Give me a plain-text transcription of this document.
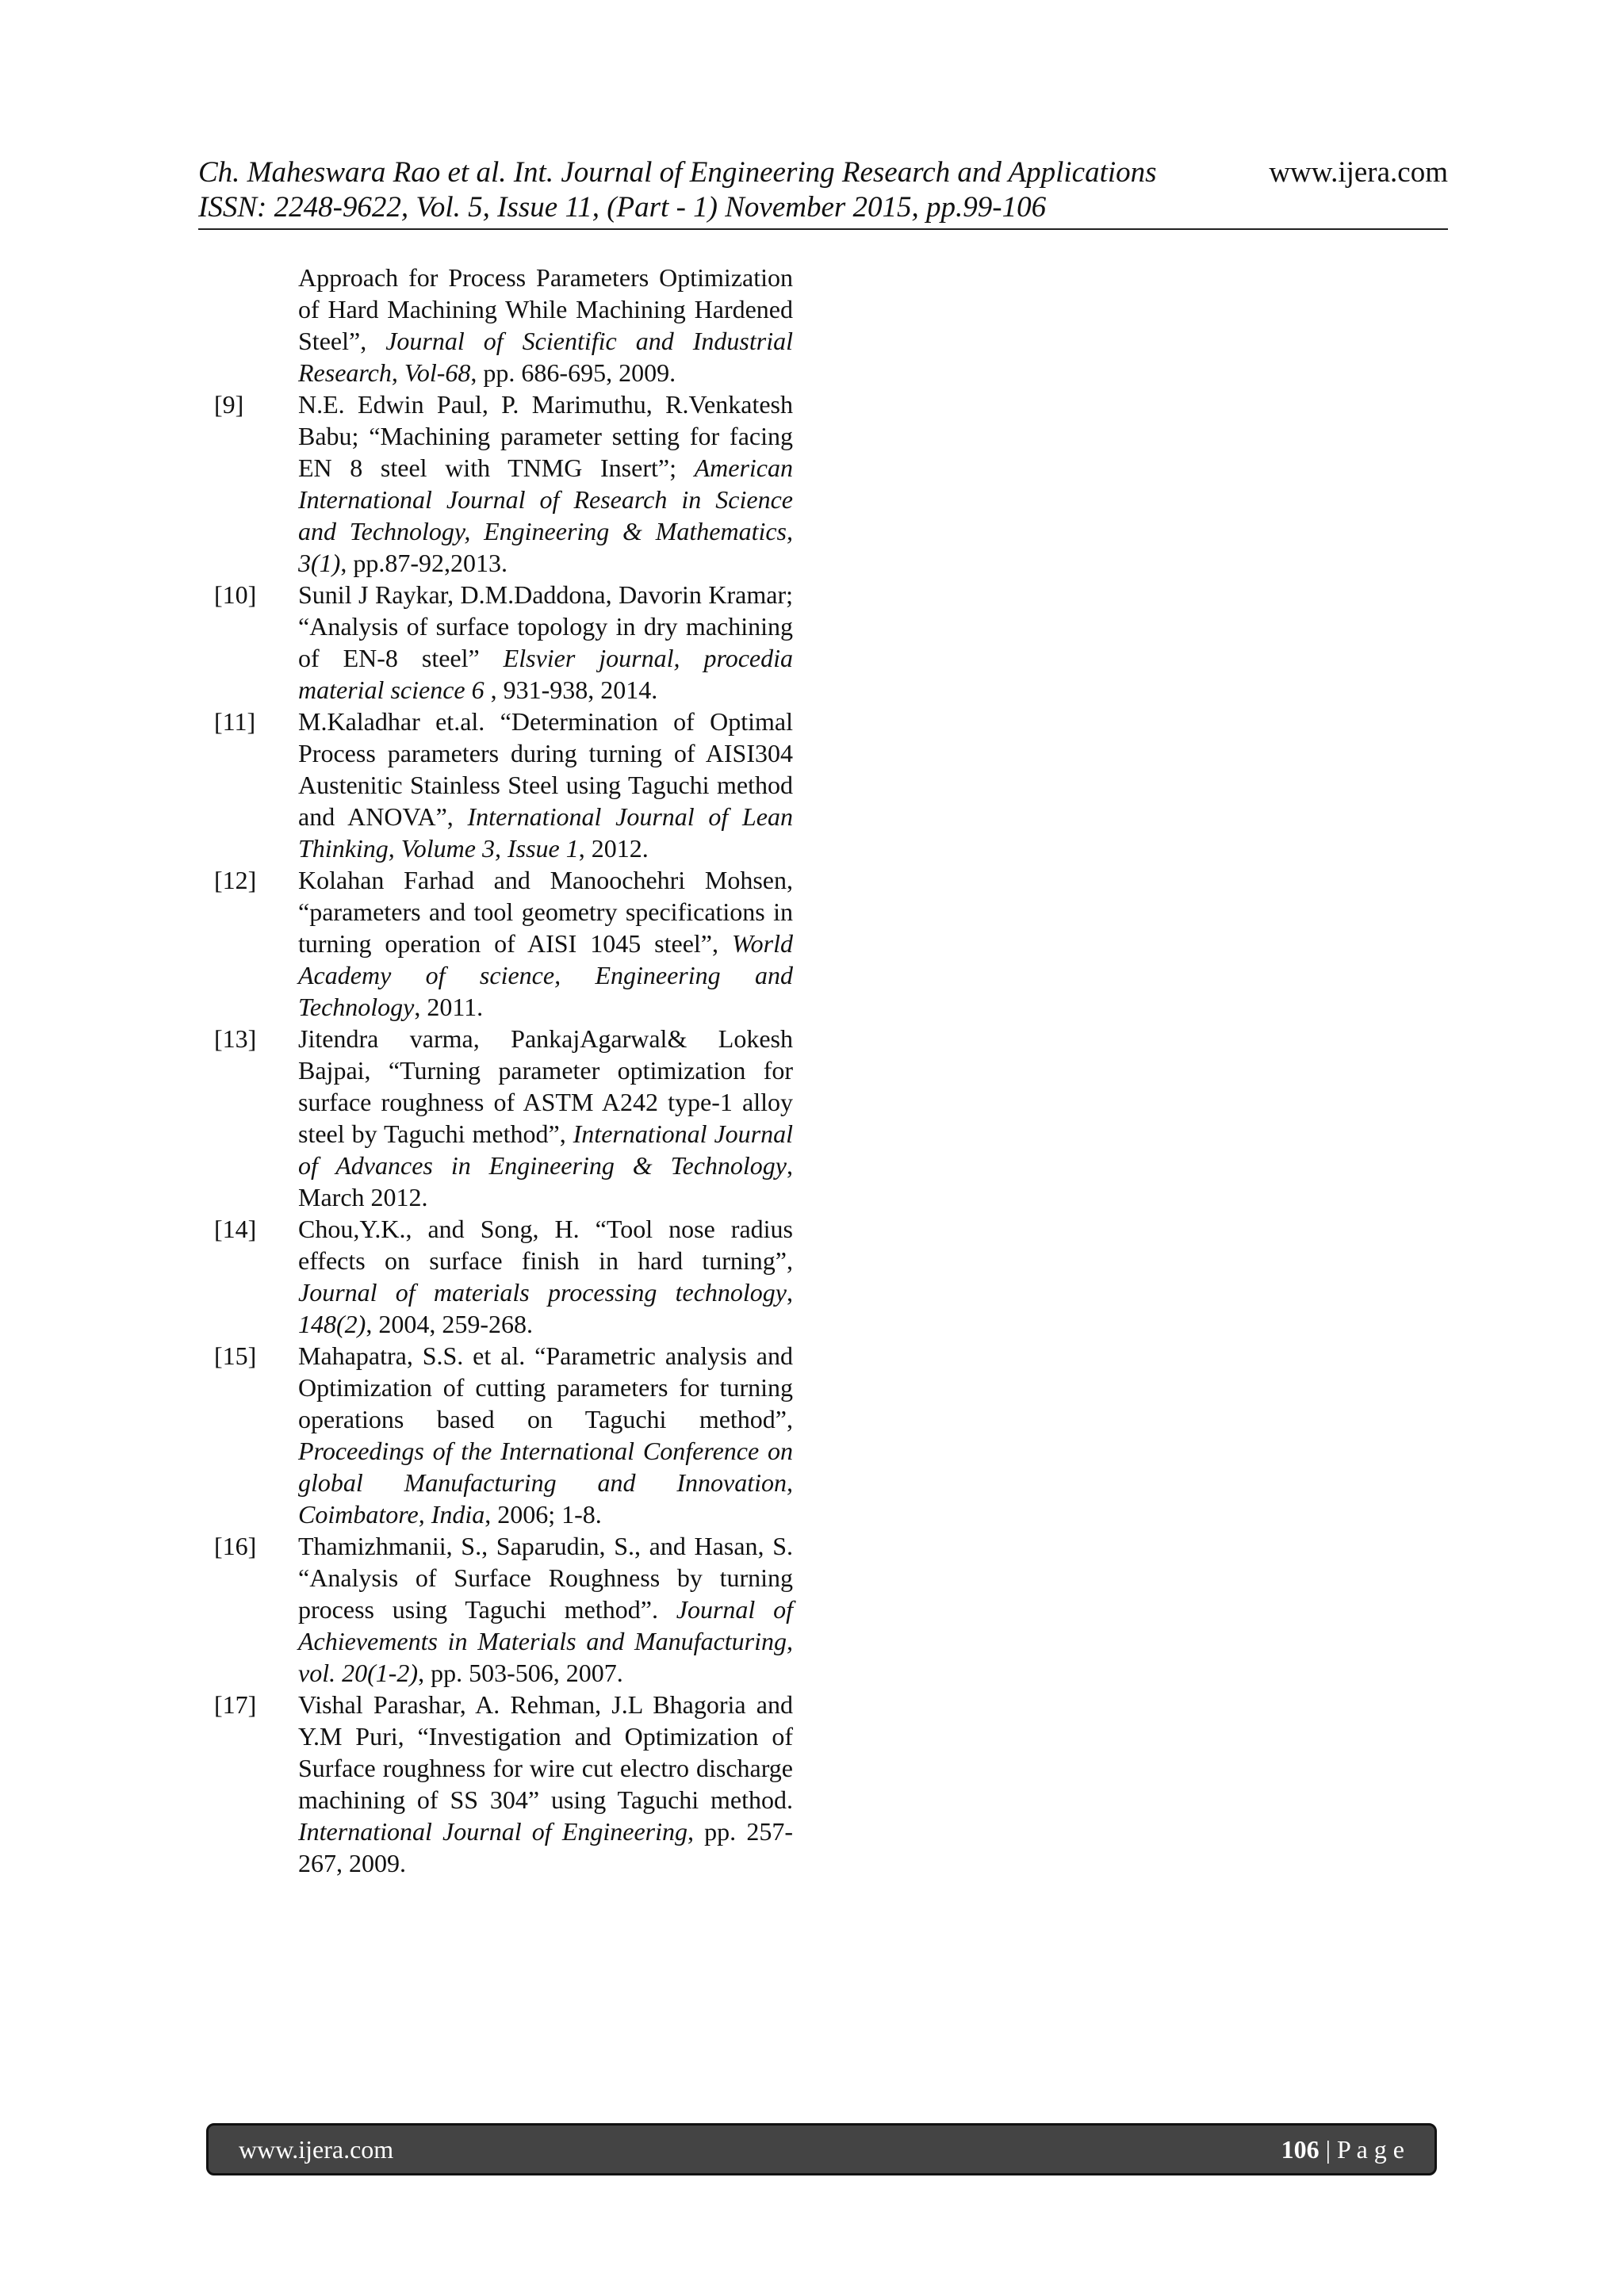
Ch. Maheswara Rao et al. Int. Journal of Engineering Research and Applications	www.ijera.com
ISSN: 2248-9622, Vol. 5, Issue 11, (Part - 1) November 2015, pp.99-106
Approach for Process Parameters Optimization of Hard Machining While Machining Hardened Steel”, Journal of Scientific and Industrial Research, Vol-68, pp. 686-695, 2009.
[9]	N.E. Edwin Paul, P. Marimuthu, R.Venkatesh Babu; “Machining parameter setting for facing EN 8 steel with TNMG Insert”; American International Journal of Research in Science and Technology, Engineering & Mathematics, 3(1), pp.87-92,2013.
[10]	Sunil J Raykar, D.M.Daddona, Davorin Kramar; “Analysis of surface topology in dry machining of EN-8 steel” Elsvier journal, procedia material science 6 , 931-938, 2014.
[11]	M.Kaladhar et.al. “Determination of Optimal Process parameters during turning of AISI304 Austenitic Stainless Steel using Taguchi method and ANOVA”, International Journal of Lean Thinking, Volume 3, Issue 1, 2012.
[12]	Kolahan Farhad and Manoochehri Mohsen, “parameters and tool geometry specifications in turning operation of AISI 1045 steel”, World Academy of science, Engineering and Technology, 2011.
[13]	Jitendra varma, PankajAgarwal& Lokesh Bajpai, “Turning parameter optimization for surface roughness of ASTM A242 type-1 alloy steel by Taguchi method”, International Journal of Advances in Engineering & Technology, March 2012.
[14]	Chou,Y.K., and Song, H. “Tool nose radius effects on surface finish in hard turning”, Journal of materials processing technology, 148(2), 2004, 259-268.
[15]	Mahapatra, S.S. et al. “Parametric analysis and Optimization of cutting parameters for turning operations based on Taguchi method”, Proceedings of the International Conference on global Manufacturing and Innovation, Coimbatore, India, 2006; 1-8.
[16]	Thamizhmanii, S., Saparudin, S., and Hasan, S. “Analysis of Surface Roughness by turning process using Taguchi method”. Journal of Achievements in Materials and Manufacturing, vol. 20(1-2), pp. 503-506, 2007.
[17]	Vishal Parashar, A. Rehman, J.L Bhagoria and Y.M Puri, “Investigation and Optimization of Surface roughness for wire cut electro discharge machining of SS 304” using Taguchi method. International Journal of Engineering, pp. 257-267, 2009.
www.ijera.com	106 | P a g e
